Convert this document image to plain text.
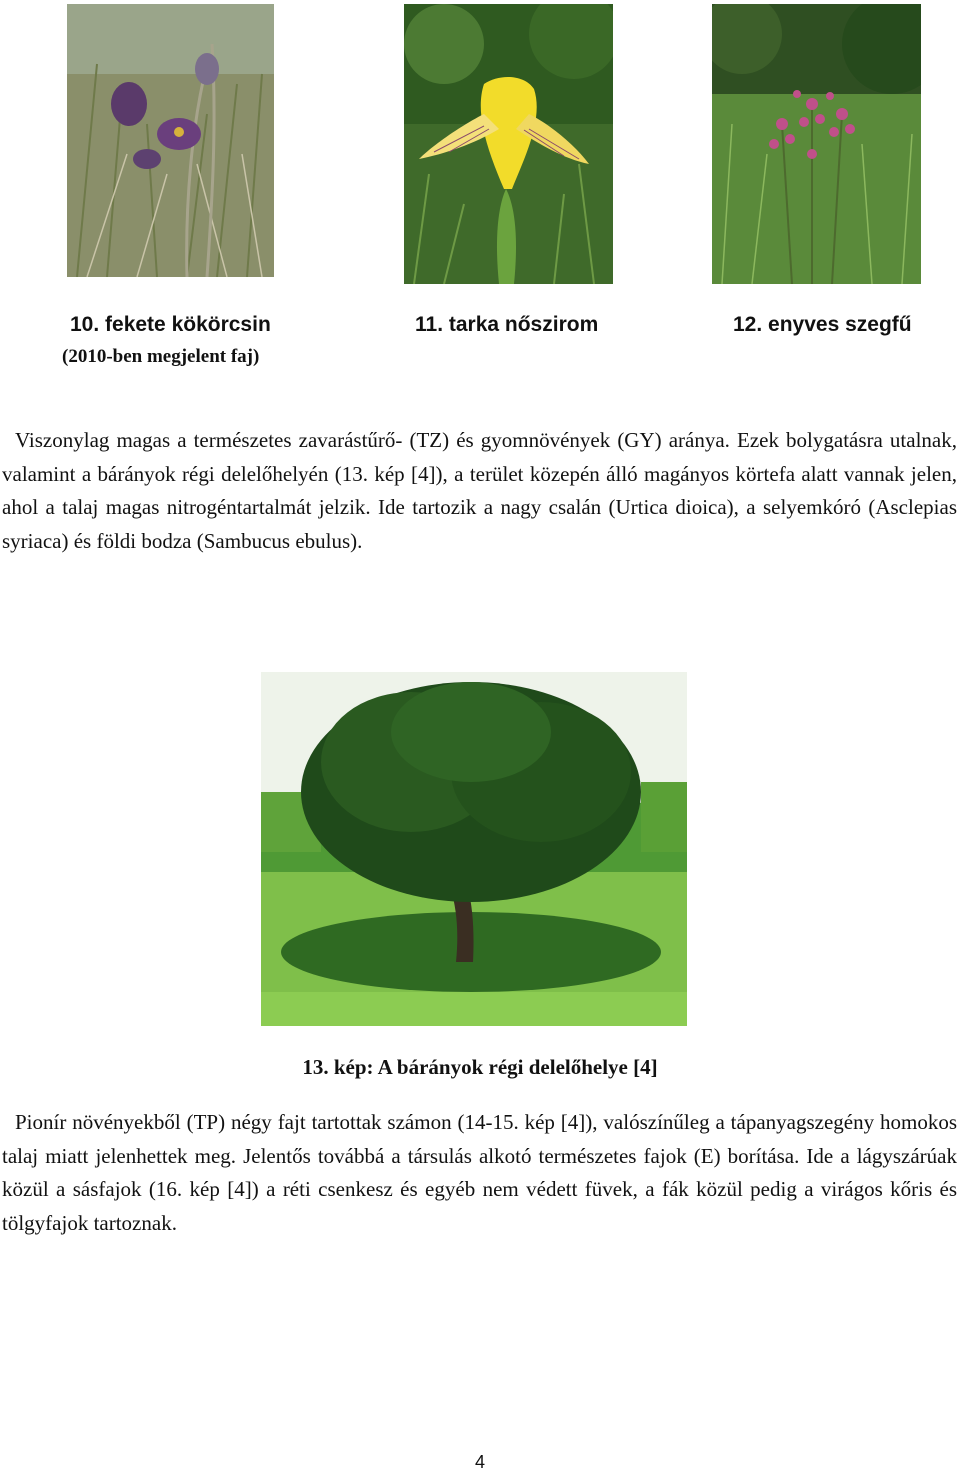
10. fekete kökörcsin	11. tarka nőszirom	12. enyves szegfű
(2010-ben megjelent faj)
Viszonylag magas a természetes zavarástűrő- (TZ) és gyomnövények (GY) aránya. Ezek bolygatásra utalnak, valamint a bárányok régi delelőhelyén (13. kép [4]), a terület közepén álló magányos körtefa alatt vannak jelen, ahol a talaj magas nitrogéntartalmát jelzik. Ide tartozik a nagy csalán (Urtica dioica), a selyemkóró (Asclepias syriaca) és földi bodza (Sambucus ebulus).
13. kép: A bárányok régi delelőhelye [4]
Pionír növényekből (TP) négy fajt tartottak számon (14-15. kép [4]), valószínűleg a tápanyagszegény homokos talaj miatt jelenhettek meg. Jelentős továbbá a társulás alkotó természetes fajok (E) borítása. Ide a lágyszárúak közül a sásfajok (16. kép [4]) a réti csenkesz és egyéb nem védett füvek, a fák közül pedig a virágos kőris és tölgyfajok tartoznak.
4
